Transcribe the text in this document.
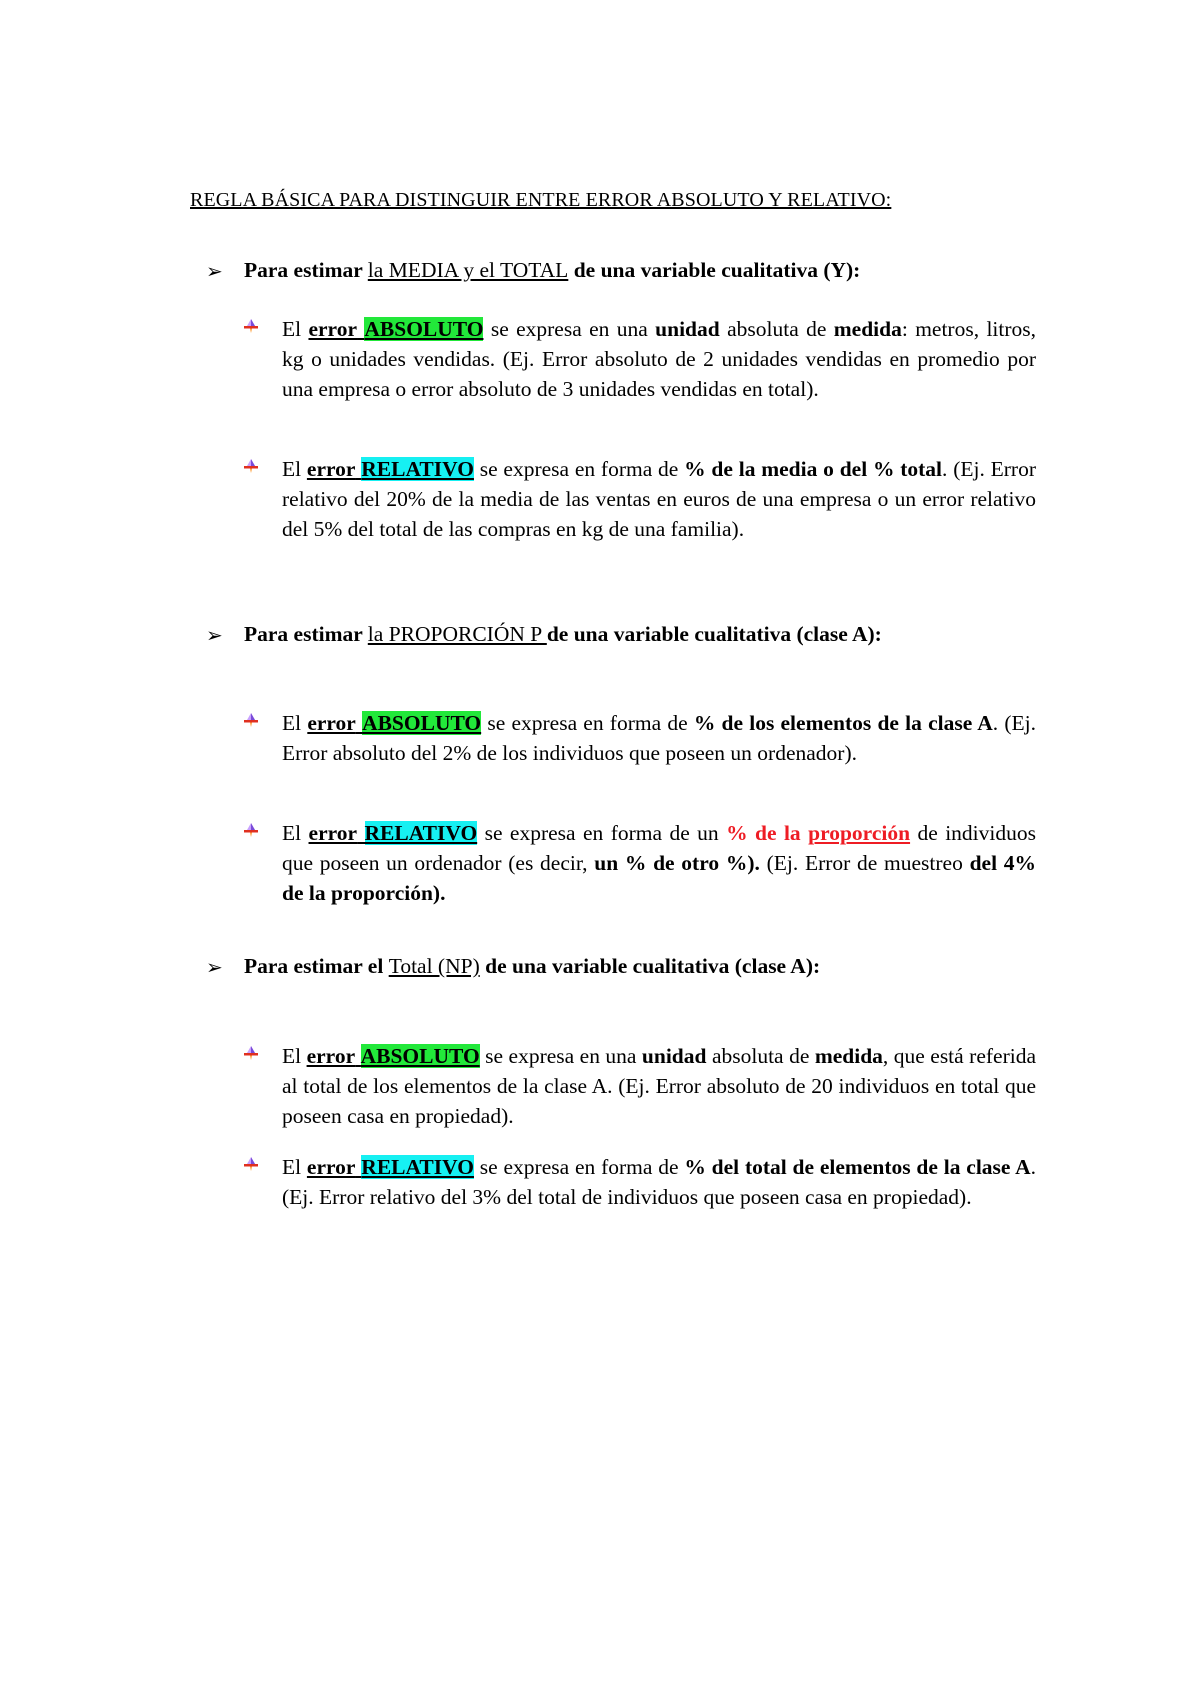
REGLA BÁSICA PARA DISTINGUIR ENTRE ERROR ABSOLUTO Y RELATIVO:
➢ Para estimar la MEDIA y el TOTAL de una variable cualitativa (Y):
El error ABSOLUTO se expresa en una unidad absoluta de medida: metros, litros, kg o unidades vendidas. (Ej. Error absoluto de 2 unidades vendidas en promedio por una empresa o error absoluto de 3 unidades vendidas en total).
El error RELATIVO se expresa en forma de % de la media o del % total. (Ej. Error relativo del 20% de la media de las ventas en euros de una empresa o un error relativo del 5% del total de las compras en kg de una familia).
➢ Para estimar la PROPORCIÓN P de una variable cualitativa (clase A):
El error ABSOLUTO se expresa en forma de % de los elementos de la clase A. (Ej. Error absoluto del 2% de los individuos que poseen un ordenador).
El error RELATIVO se expresa en forma de un % de la proporción de individuos que poseen un ordenador (es decir, un % de otro %). (Ej. Error de muestreo del 4% de la proporción).
➢ Para estimar el Total (NP) de una variable cualitativa (clase A):
El error ABSOLUTO se expresa en una unidad absoluta de medida, que está referida al total de los elementos de la clase A. (Ej. Error absoluto de 20 individuos en total que poseen casa en propiedad).
El error RELATIVO se expresa en forma de % del total de elementos de la clase A. (Ej. Error relativo del 3% del total de individuos que poseen casa en propiedad).
